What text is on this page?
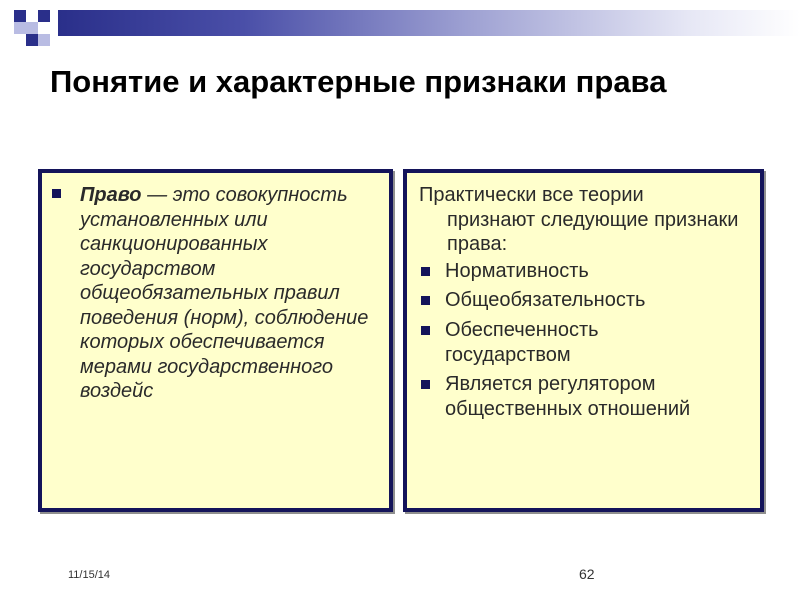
Понятие и характерные признаки права
Право — это совокупность установленных или санкционированных государством общеобязательных правил поведения (норм), соблюдение которых обеспечивается мерами государственного воздейс
Практически все теории
признают следующие признаки права:
Нормативность
Общеобязательность
Обеспеченность государством
Является регулятором общественных отношений
11/15/14	62
